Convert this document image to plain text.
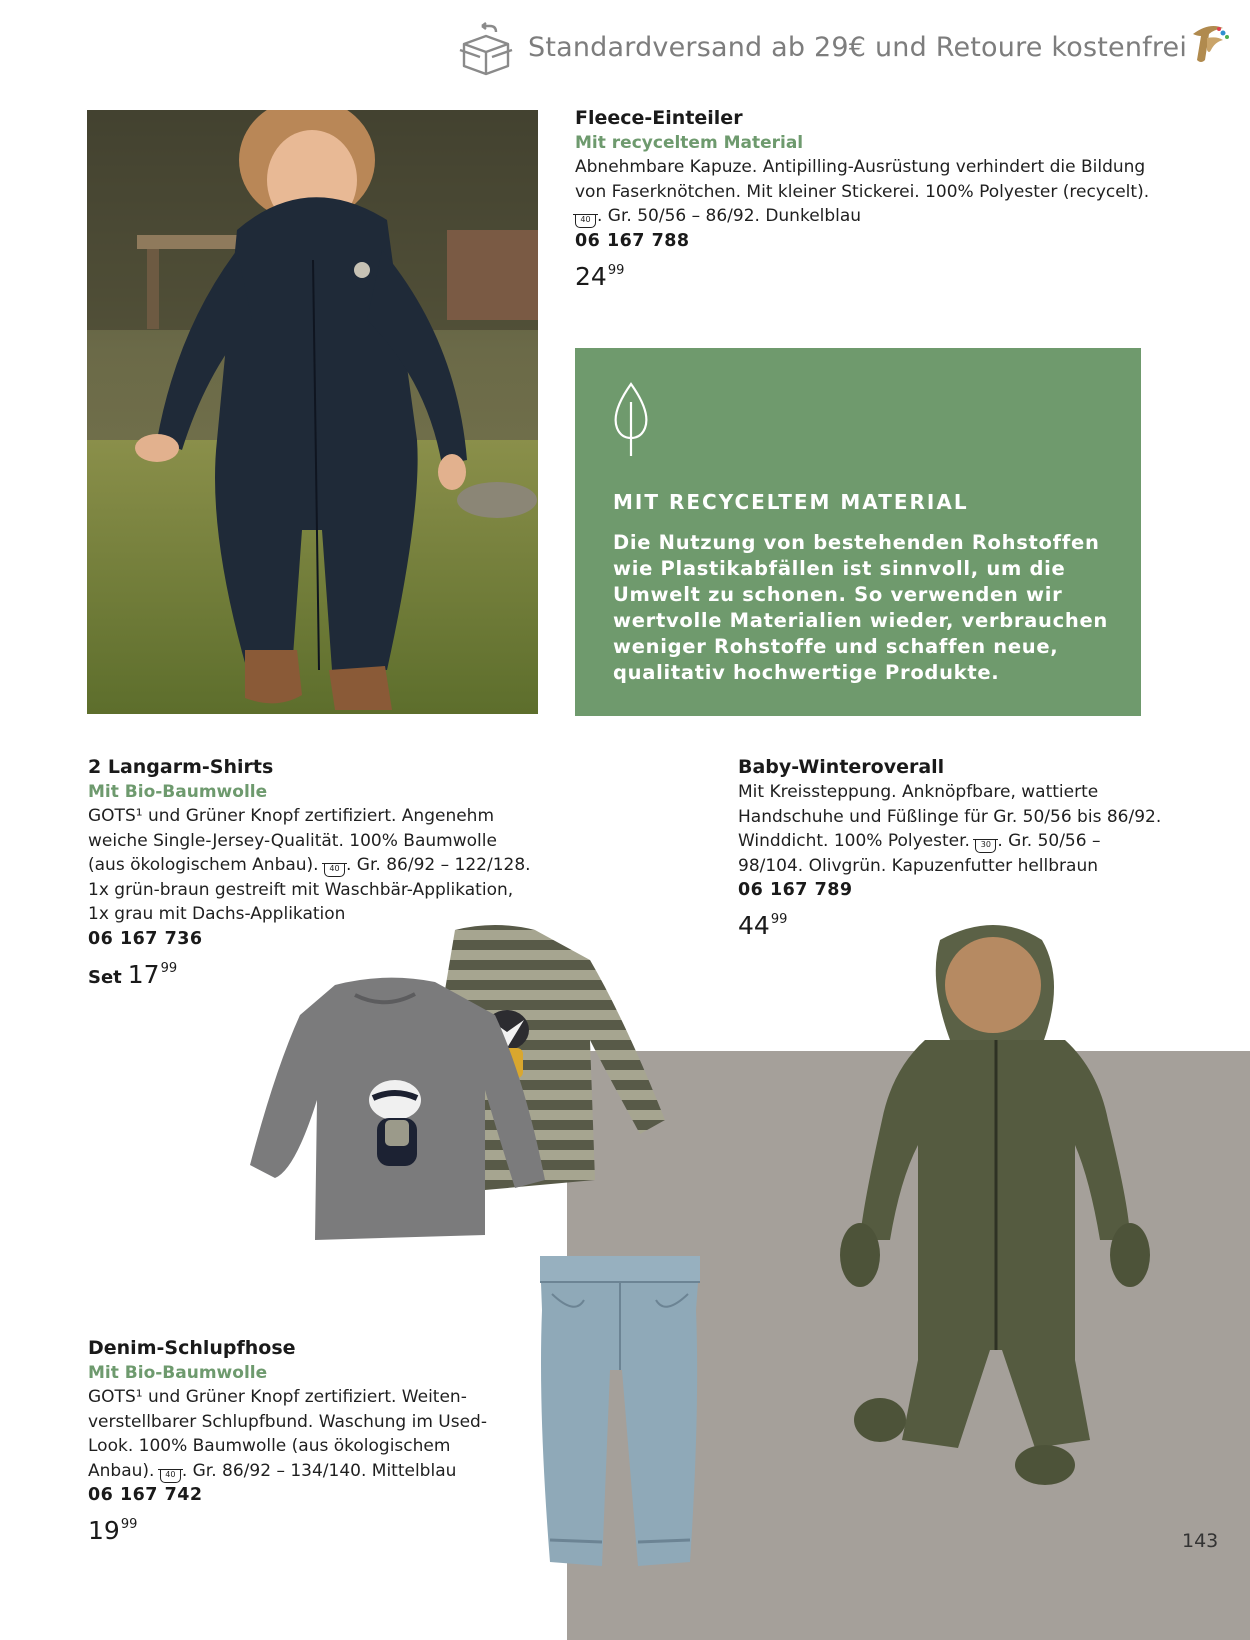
Standardversand ab 29€ und Retoure kostenfrei
Fleece-Einteiler
Mit recyceltem Material
Abnehmbare Kapuze. Antipilling-Ausrüstung verhindert die Bildung
von Faserknötchen. Mit kleiner Stickerei. 100% Polyester (recycelt).
40 . Gr. 50/56 – 86/92. Dunkelblau
06 167 788
$24^{99}$
MIT RECYCELTEM MATERIAL
Die Nutzung von bestehenden Rohstoffen
wie Plastikabfällen ist sinnvoll, um die
Umwelt zu schonen. So verwenden wir
wertvolle Materialien wieder, verbrauchen
weniger Rohstoffe und schaffen neue,
qualitativ hochwertige Produkte.
2 Langarm-Shirts
Mit Bio-Baumwolle
GOTS¹ und Grüner Knopf zertifiziert. Angenehm
weiche Single-Jersey-Qualität. 100% Baumwolle
(aus ökologischem Anbau). 40 . Gr. 86/92 – 122/128.
1x grün-braun gestreift mit Waschbär-Applikation,
1x grau mit Dachs-Applikation
06 167 736
Set $17^{99}$
Baby-Winteroverall
Mit Kreissteppung. Anknöpfbare, wattierte
Handschuhe und Füßlinge für Gr. 50/56 bis 86/92.
Winddicht. 100% Polyester. 30 . Gr. 50/56 –
98/104. Olivgrün. Kapuzenfutter hellbraun
06 167 789
$44^{99}$
Denim-Schlupfhose
Mit Bio-Baumwolle
GOTS¹ und Grüner Knopf zertifiziert. Weiten-
verstellbarer Schlupfbund. Waschung im Used-
Look. 100% Baumwolle (aus ökologischem
Anbau). 40 . Gr. 86/92 – 134/140. Mittelblau
06 167 742
$19^{99}$
143
